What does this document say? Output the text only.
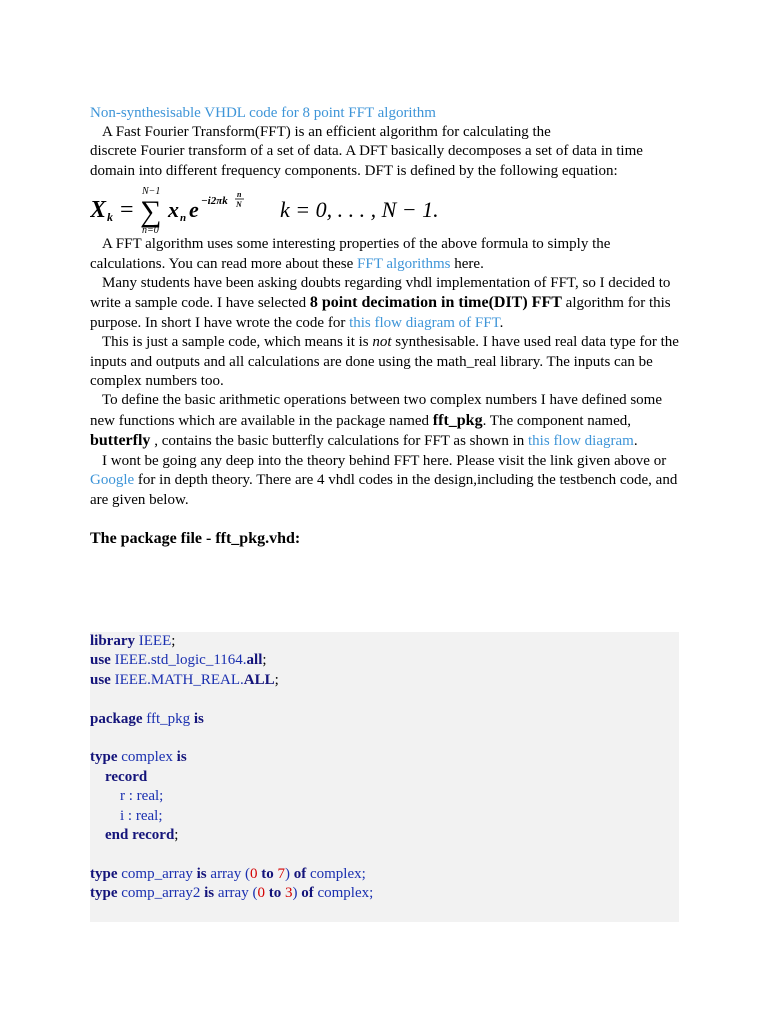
Non-synthesisable VHDL code for 8 point FFT algorithm

A Fast Fourier Transform(FFT) is an efficient algorithm for calculating the
discrete Fourier transform of a set of data. A DFT basically decomposes a set of data in time domain into different frequency components. DFT is defined by the following equation:

X k =
N−1
∑
n=0
x n e −i2πk
n
N k = 0, . . . , N − 1.

A FFT algorithm uses some interesting properties of the above formula to simply the calculations. You can read more about these FFT algorithms here.

Many students have been asking doubts regarding vhdl implementation of FFT, so I decided to write a sample code. I have selected 8 point decimation in time(DIT) FFT algorithm for this purpose. In short I have wrote the code for this flow diagram of FFT.

This is just a sample code, which means it is not synthesisable. I have used real data type for the inputs and outputs and all calculations are done using the math_real library. The inputs can be complex numbers too.

To define the basic arithmetic operations between two complex numbers I have defined some new functions which are available in the package named fft_pkg. The component named, butterfly , contains the basic butterfly calculations for FFT as shown in this flow diagram.

I wont be going any deep into the theory behind FFT here. Please visit the link given above or Google for in depth theory. There are 4 vhdl codes in the design,including the testbench code, and are given below.

The package file - fft_pkg.vhd:
library IEEE;
use IEEE.std_logic_1164.all;
use IEEE.MATH_REAL.ALL;

package fft_pkg is

type complex is
record
r : real;
i : real;
end record;

type comp_array is array (0 to 7) of complex;
type comp_array2 is array (0 to 3) of complex;
